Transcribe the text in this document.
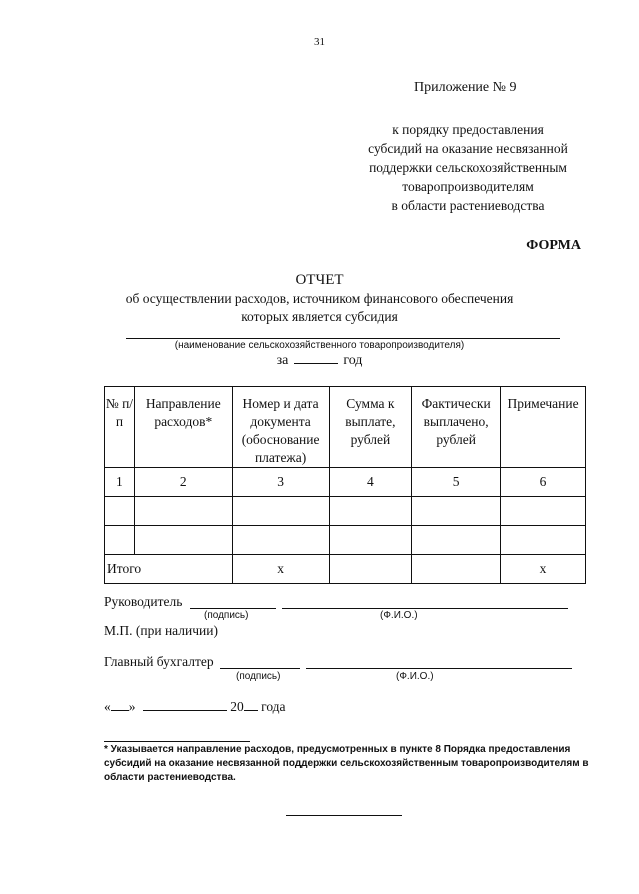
31
Приложение № 9
к порядку предоставления
субсидий на оказание несвязанной
поддержки сельскохозяйственным
товаропроизводителям
в области растениеводства
ФОРМА
ОТЧЕТ
об осуществлении расходов, источником финансового обеспечения
которых является субсидия
(наименование сельскохозяйственного товаропроизводителя)
за	год
№ п/п	Направление расходов*	Номер и дата документа (обоснование платежа)	Сумма к выплате, рублей	Фактически выплачено, рублей	Примечание
1	2	3	4	5	6

Итого		х			х
Руководитель
(подпись)	(Ф.И.О.)
М.П. (при наличии)
Главный бухгалтер
(подпись)	(Ф.И.О.)
« »	20 года
* Указывается направление расходов, предусмотренных в пункте 8 Порядка предоставления субсидий на оказание несвязанной поддержки сельскохозяйственным товаропроизводителям в области растениеводства.
